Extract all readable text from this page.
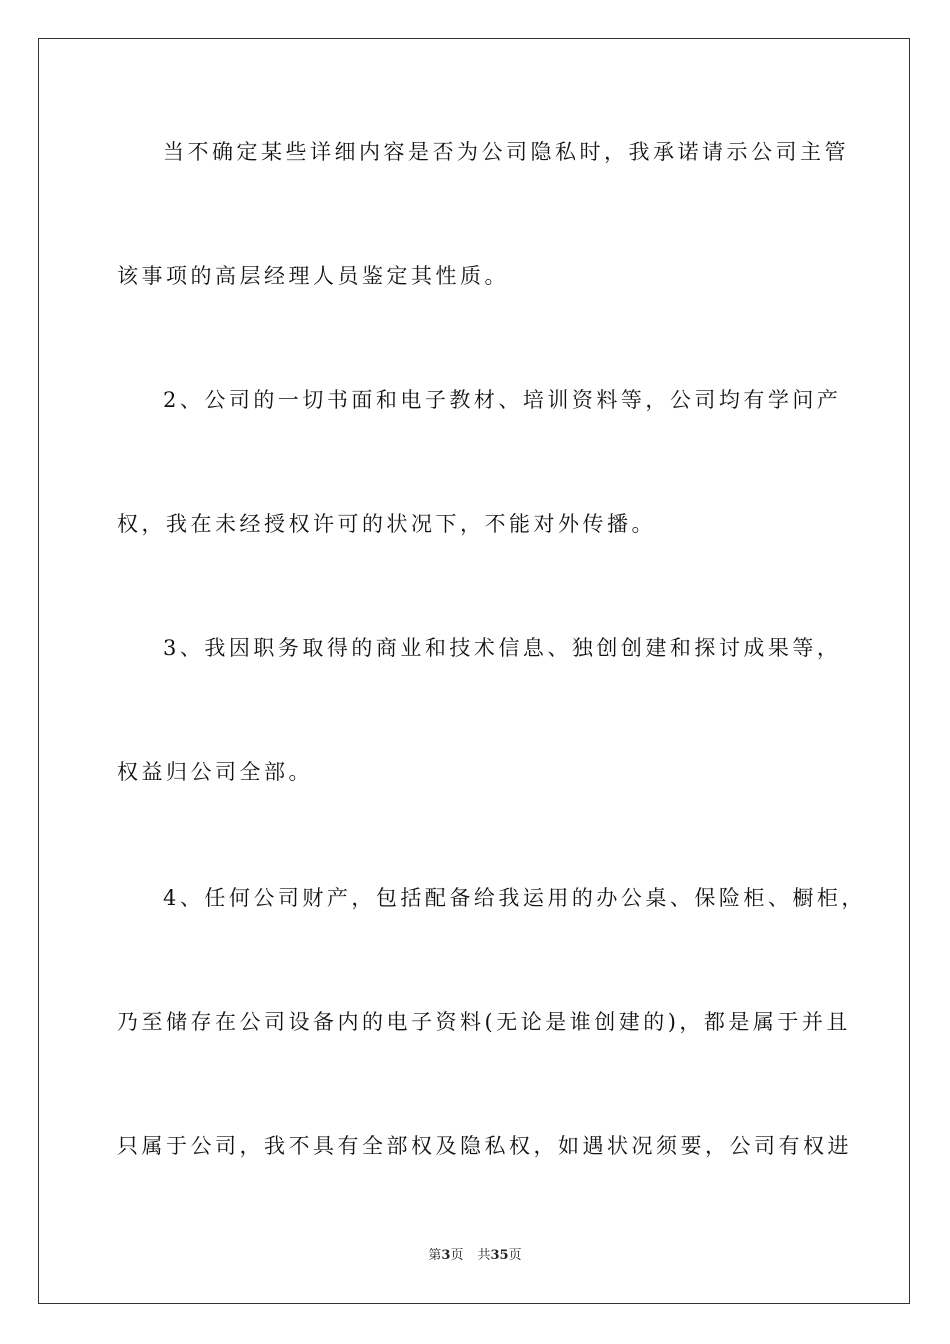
当不确定某些详细内容是否为公司隐私时，我承诺请示公司主管
该事项的高层经理人员鉴定其性质。
2、公司的一切书面和电子教材、培训资料等，公司均有学问产
权，我在未经授权许可的状况下，不能对外传播。
3、我因职务取得的商业和技术信息、独创创建和探讨成果等，
权益归公司全部。
4、任何公司财产，包括配备给我运用的办公桌、保险柜、橱柜，
乃至储存在公司设备内的电子资料(无论是谁创建的)，都是属于并且
只属于公司，我不具有全部权及隐私权，如遇状况须要，公司有权进
第3页 共35页
